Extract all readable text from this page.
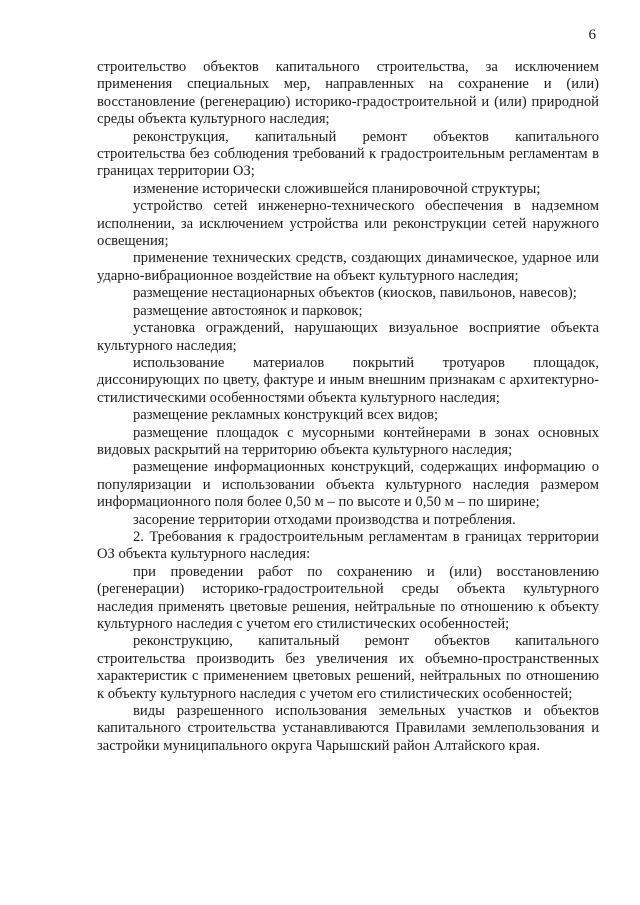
6

строительство объектов капитального строительства, за исключением применения специальных мер, направленных на сохранение и (или) восстановление (регенерацию) историко-градостроительной и (или) природной среды объекта культурного наследия;

реконструкция, капитальный ремонт объектов капитального строительства без соблюдения требований к градостроительным регламентам в границах территории ОЗ;

изменение исторически сложившейся планировочной структуры;

устройство сетей инженерно-технического обеспечения в надземном исполнении, за исключением устройства или реконструкции сетей наружного освещения;

применение технических средств, создающих динамическое, ударное или ударно-вибрационное воздействие на объект культурного наследия;

размещение нестационарных объектов (киосков, павильонов, навесов);

размещение автостоянок и парковок;

установка ограждений, нарушающих визуальное восприятие объекта культурного наследия;

использование материалов покрытий тротуаров площадок, диссонирующих по цвету, фактуре и иным внешним признакам с архитектурно-стилистическими особенностями объекта культурного наследия;

размещение рекламных конструкций всех видов;

размещение площадок с мусорными контейнерами в зонах основных видовых раскрытий на территорию объекта культурного наследия;

размещение информационных конструкций, содержащих информацию о популяризации и использовании объекта культурного наследия размером информационного поля более 0,50 м – по высоте и 0,50 м – по ширине;

засорение территории отходами производства и потребления.

2. Требования к градостроительным регламентам в границах территории ОЗ объекта культурного наследия:

при проведении работ по сохранению и (или) восстановлению (регенерации) историко-градостроительной среды объекта культурного наследия применять цветовые решения, нейтральные по отношению к объекту культурного наследия с учетом его стилистических особенностей;

реконструкцию, капитальный ремонт объектов капитального строительства производить без увеличения их объемно-пространственных характеристик с применением цветовых решений, нейтральных по отношению к объекту культурного наследия с учетом его стилистических особенностей;

виды разрешенного использования земельных участков и объектов капитального строительства устанавливаются Правилами землепользования и застройки муниципального округа Чарышский район Алтайского края.
